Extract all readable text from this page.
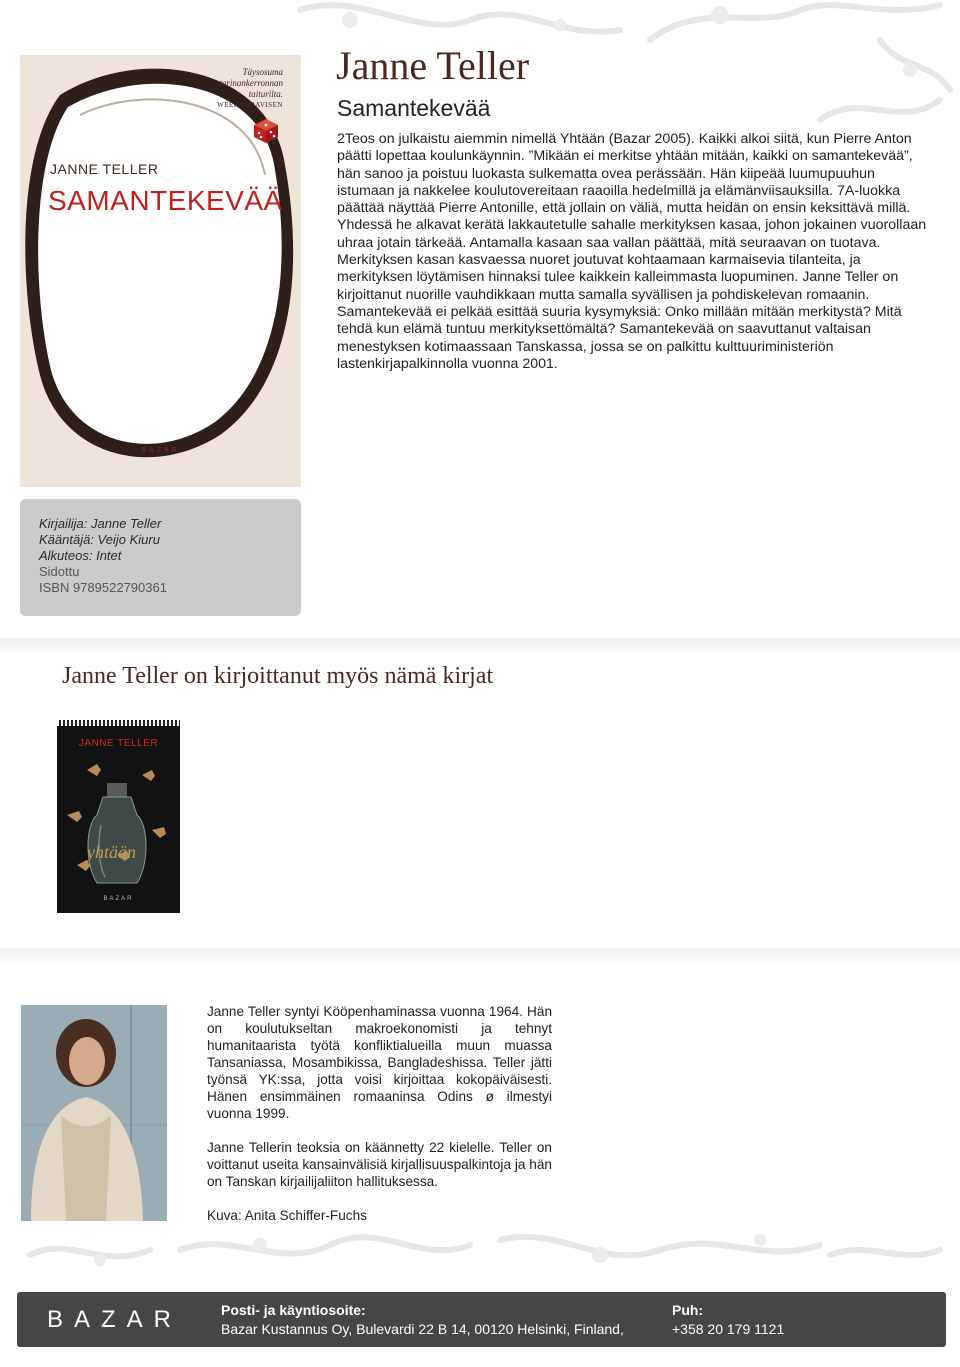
Täysosuma
tarinankerronnan
taiturilta.
WEEKENDAVISEN
JANNE TELLER
SAMANTEKEVÄÄ
BAZAR
Janne Teller
Samantekevää

2Teos on julkaistu aiemmin nimellä Yhtään (Bazar 2005). Kaikki alkoi siitä, kun Pierre Anton päätti lopettaa koulunkäynnin. ”Mikään ei merkitse yhtään mitään, kaikki on samantekevää”, hän sanoo ja poistuu luokasta sulkematta ovea perässään. Hän kiipeää luumupuuhun istumaan ja nakkelee koulutovereitaan raaoilla hedelmillä ja elämänviisauksilla. 7A-luokka päättää näyttää Pierre Antonille, että jollain on väliä, mutta heidän on ensin keksittävä millä. Yhdessä he alkavat kerätä lakkautetulle sahalle merkityksen kasaa, johon jokainen vuorollaan uhraa jotain tärkeää. Antamalla kasaan saa vallan päättää, mitä seuraavan on tuotava. Merkityksen kasan kasvaessa nuoret joutuvat kohtaamaan karmaisevia tilanteita, ja merkityksen löytämisen hinnaksi tulee kaikkein kalleimmasta luopuminen. Janne Teller on kirjoittanut nuorille vauhdikkaan mutta samalla syvällisen ja pohdiskelevan romaanin. Samantekevää ei pelkää esittää suuria kysymyksiä: Onko millään mitään merkitystä? Mitä tehdä kun elämä tuntuu merkityksettömältä? Samantekevää on saavuttanut valtaisan menestyksen kotimaassaan Tanskassa, jossa se on palkittu kulttuuriministeriön lastenkirjapalkinnolla vuonna 2001.

Kirjailija: Janne Teller
Kääntäjä: Veijo Kiuru
Alkuteos: Intet
Sidottu
ISBN 9789522790361
Janne Teller on kirjoittanut myös nämä kirjat
JANNE TELLER
yhtään
BAZAR

Janne Teller syntyi Kööpenhaminassa vuonna 1964. Hän on koulutukseltan makroekonomisti ja tehnyt humanitaarista työtä konfliktialueilla muun muassa Tansaniassa, Mosambikissa, Bangladeshissa. Teller jätti työnsä YK:ssa, jotta voisi kirjoittaa kokopäiväisesti. Hänen ensimmäinen romaaninsa Odins ø ilmestyi vuonna 1999.

Janne Tellerin teoksia on käännetty 22 kielelle. Teller on voittanut useita kansainvälisiä kirjallisuuspalkintoja ja hän on Tanskan kirjailijaliiton hallituksessa.

Kuva: Anita Schiffer-Fuchs

BAZAR	Posti- ja käyntiosoite:
Bazar Kustannus Oy, Bulevardi 22 B 14, 00120 Helsinki, Finland,
Puh:
+358 20 179 1121
